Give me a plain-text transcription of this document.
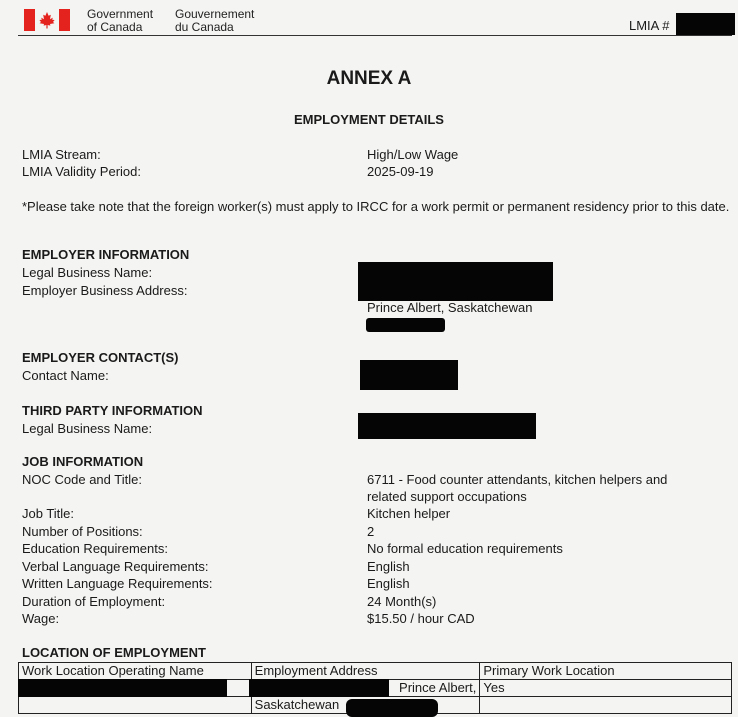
Government
of Canada
Gouvernement
du Canada	LMIA #
ANNEX A
EMPLOYMENT DETAILS
LMIA Stream:	High/Low Wage
LMIA Validity Period:	2025-09-19
*Please take note that the foreign worker(s) must apply to IRCC for a work permit or permanent residency prior to this date.
EMPLOYER INFORMATION
Legal Business Name:
Employer Business Address:
Prince Albert, Saskatchewan
EMPLOYER CONTACT(S)
Contact Name:
THIRD PARTY INFORMATION
Legal Business Name:
JOB INFORMATION
NOC Code and Title:	6711 - Food counter attendants, kitchen helpers and
related support occupations
Job Title:	Kitchen helper
Number of Positions:	2
Education Requirements:	No formal education requirements
Verbal Language Requirements:	English
Written Language Requirements:	English
Duration of Employment:	24 Month(s)
Wage:	$15.50 / hour CAD
LOCATION OF EMPLOYMENT
Work Location Operating Name	Employment Address	Primary Work Location
	Prince Albert,	Yes
	Saskatchewan	
